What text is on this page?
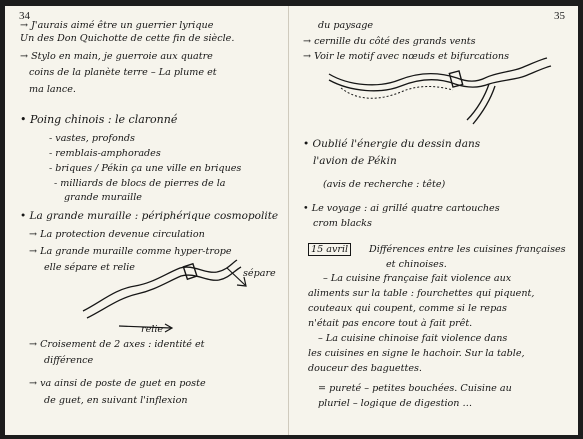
34
→ J'aurais aimé être un guerrier lyrique
Un des Don Quichotte de cette fin de siècle.
→ Stylo en main, je guerroie aux quatre
coins de la planète terre – La plume et
ma lance.
• Poing chinois : le claronné
- vastes, profonds
- remblais-amphorades
- briques / Pékin ça une ville en briques
- milliards de blocs de pierres de la
grande muraille
• La grande muraille : périphérique cosmopolite
→ La protection devenue circulation
→ La grande muraille comme hyper-trope
elle sépare et relie
sépare
relie
→ Croisement de 2 axes : identité et
différence
→ va ainsi de poste de guet en poste
de guet, en suivant l'inflexion
35
du paysage
→ cernille du côté des grands vents
→ Voir le motif avec nœuds et bifurcations
• Oublié l'énergie du dessin dans
l'avion de Pékin
(avis de recherche : tête)
• Le voyage : ai grillé quatre cartouches
crom blacks
15 avril	Différences entre les cuisines françaises
et chinoises.
– La cuisine française fait violence aux
aliments sur la table : fourchettes qui piquent,
couteaux qui coupent, comme si le repas
n'était pas encore tout à fait prêt.
– La cuisine chinoise fait violence dans
les cuisines en signe le hachoir. Sur la table,
douceur des baguettes.
= pureté – petites bouchées. Cuisine au
pluriel – logique de digestion …
